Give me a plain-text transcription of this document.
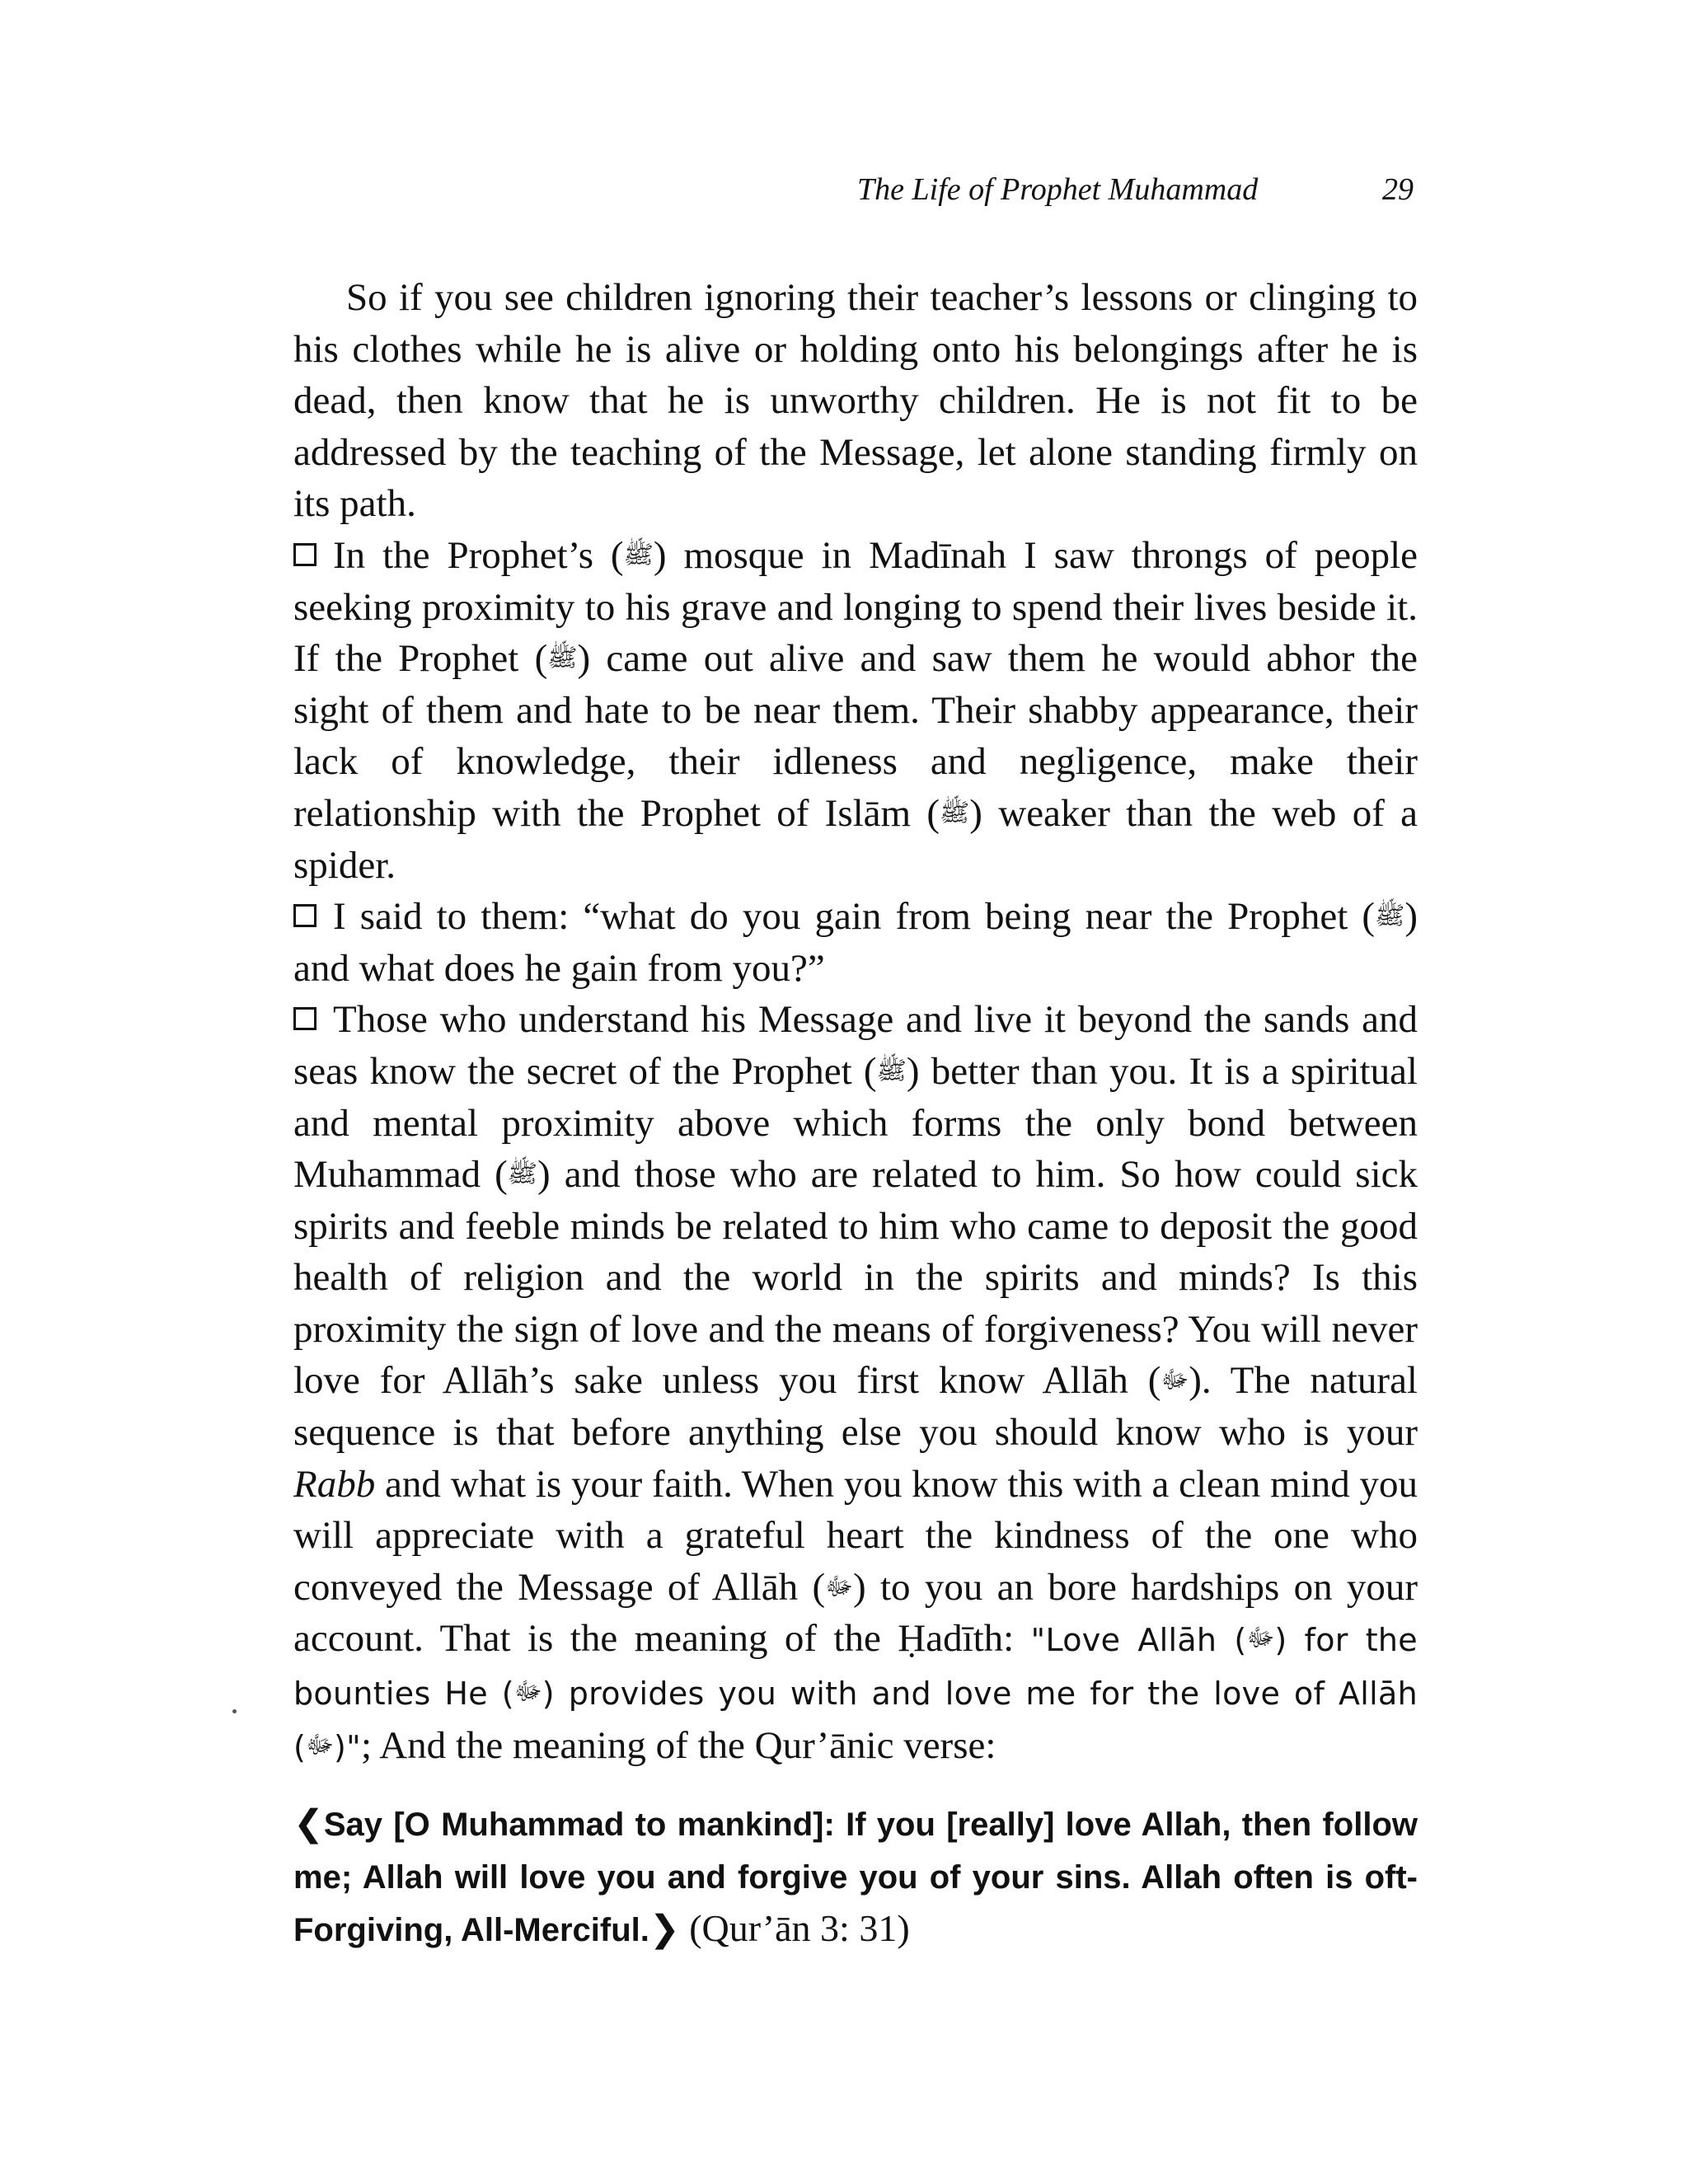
The Life of Prophet Muhammad	29

So if you see children ignoring their teacher’s lessons or clinging to his clothes while he is alive or holding onto his belongings after he is dead, then know that he is unworthy children. He is not fit to be addressed by the teaching of the Message, let alone standing firmly on its path.

In the Prophet’s (ﷺ) mosque in Madīnah I saw throngs of people seeking proximity to his grave and longing to spend their lives beside it. If the Prophet (ﷺ) came out alive and saw them he would abhor the sight of them and hate to be near them. Their shabby appearance, their lack of knowledge, their idleness and negligence, make their relationship with the Prophet of Islām (ﷺ) weaker than the web of a spider.

I said to them: “what do you gain from being near the Prophet (ﷺ) and what does he gain from you?”

Those who understand his Message and live it beyond the sands and seas know the secret of the Prophet (ﷺ) better than you. It is a spiritual and mental proximity above which forms the only bond between Muhammad (ﷺ) and those who are related to him. So how could sick spirits and feeble minds be related to him who came to deposit the good health of religion and the world in the spirits and minds? Is this proximity the sign of love and the means of forgiveness? You will never love for Allāh’s sake unless you first know Allāh (ﷻ). The natural sequence is that before anything else you should know who is your Rabb and what is your faith. When you know this with a clean mind you will appreciate with a grateful heart the kindness of the one who conveyed the Message of Allāh (ﷻ) to you an bore hardships on your account. That is the meaning of the Ḥadīth: "Love Allāh (ﷻ) for the bounties He (ﷻ) provides you with and love me for the love of Allāh (ﷻ)"; And the meaning of the Qur’ānic verse:

❮Say [O Muhammad to mankind]: If you [really] love Allah, then follow me; Allah will love you and forgive you of your sins. Allah often is oft-Forgiving, All-Merciful.❯ (Qur’ān 3: 31)
